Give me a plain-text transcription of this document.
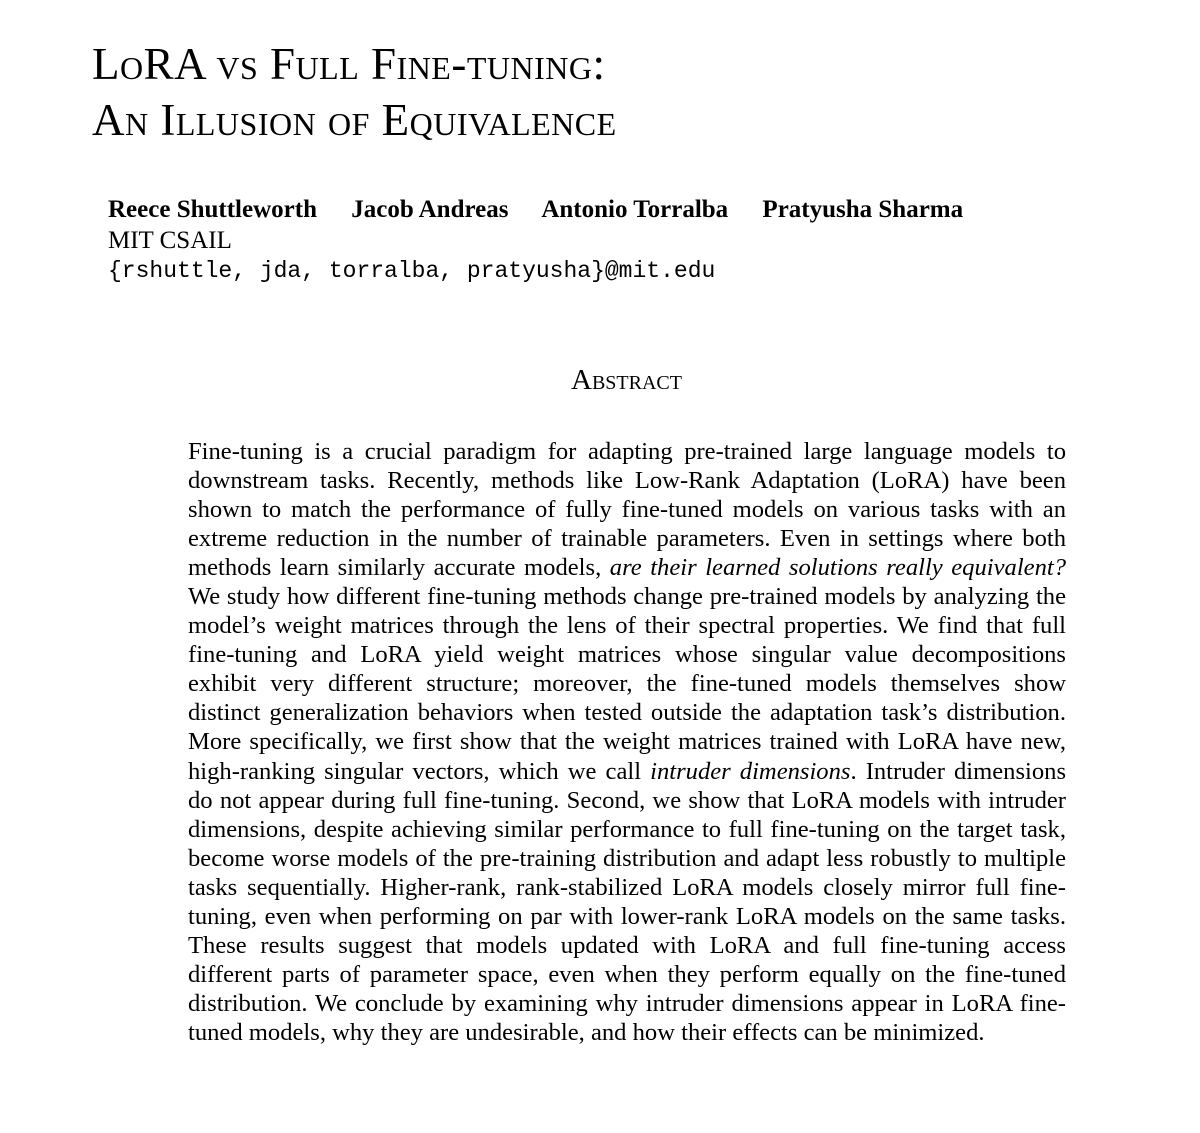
LoRA vs Full Fine-tuning:
An Illusion of Equivalence
Reece Shuttleworth Jacob Andreas Antonio Torralba Pratyusha Sharma
MIT CSAIL
{rshuttle, jda, torralba, pratyusha}@mit.edu
Abstract

Fine-tuning is a crucial paradigm for adapting pre-trained large language models to downstream tasks. Recently, methods like Low-Rank Adaptation (LoRA) have been shown to match the performance of fully fine-tuned models on various tasks with an extreme reduction in the number of trainable parameters. Even in settings where both methods learn similarly accurate models, are their learned solutions really equivalent? We study how different fine-tuning methods change pre-trained models by analyzing the model’s weight matrices through the lens of their spectral properties. We find that full fine-tuning and LoRA yield weight matrices whose singular value decompositions exhibit very different structure; moreover, the fine-tuned models themselves show distinct generalization behaviors when tested outside the adaptation task’s distribution. More specifically, we first show that the weight matrices trained with LoRA have new, high-ranking singular vectors, which we call intruder dimensions. Intruder dimensions do not appear during full fine-tuning. Second, we show that LoRA models with intruder dimensions, despite achieving similar performance to full fine-tuning on the target task, become worse models of the pre-training distribution and adapt less robustly to multiple tasks sequentially. Higher-rank, rank-stabilized LoRA models closely mirror full fine-tuning, even when performing on par with lower-rank LoRA models on the same tasks. These results suggest that models updated with LoRA and full fine-tuning access different parts of parameter space, even when they perform equally on the fine-tuned distribution. We conclude by examining why intruder dimensions appear in LoRA fine-tuned models, why they are undesirable, and how their effects can be minimized.
